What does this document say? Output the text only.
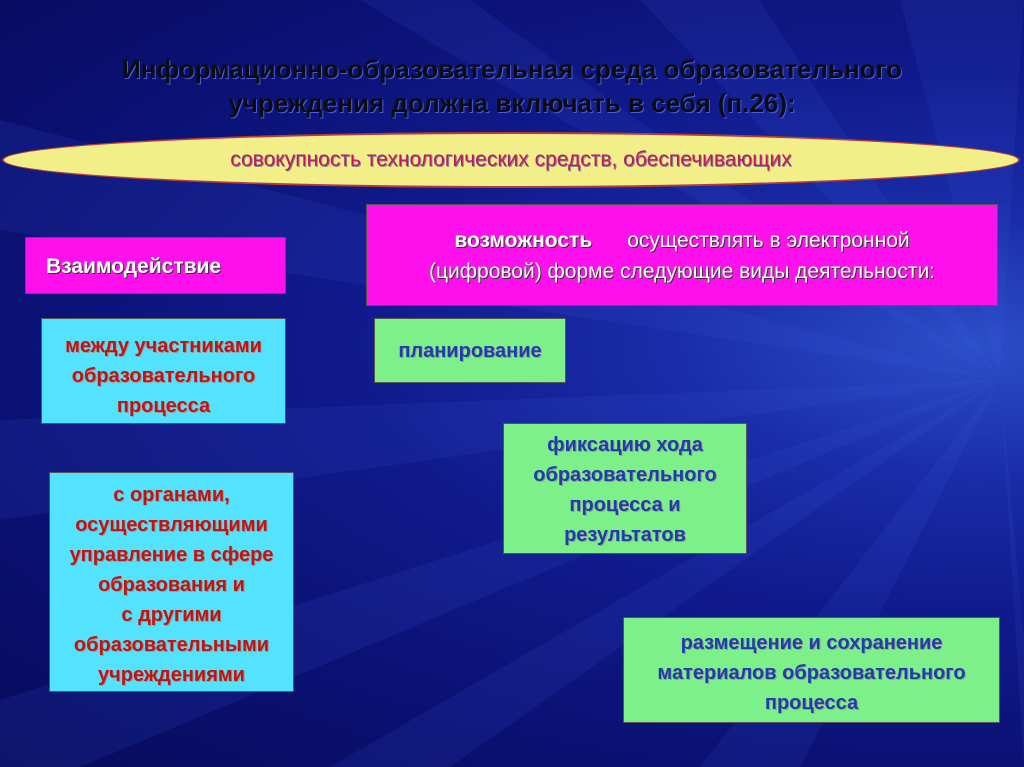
Информационно-образовательная среда образовательного
учреждения должна включать в себя (п.26):
совокупность технологических средств, обеспечивающих
Взаимодействие
возможность осуществлять в электронной
(цифровой) форме следующие виды деятельности:
между участниками
образовательного
процесса
с органами,
осуществляющими
управление в сфере
образования и
с другими
образовательными
учреждениями
планирование
фиксацию хода
образовательного
процесса и
результатов
размещение и сохранение
материалов образовательного
процесса
